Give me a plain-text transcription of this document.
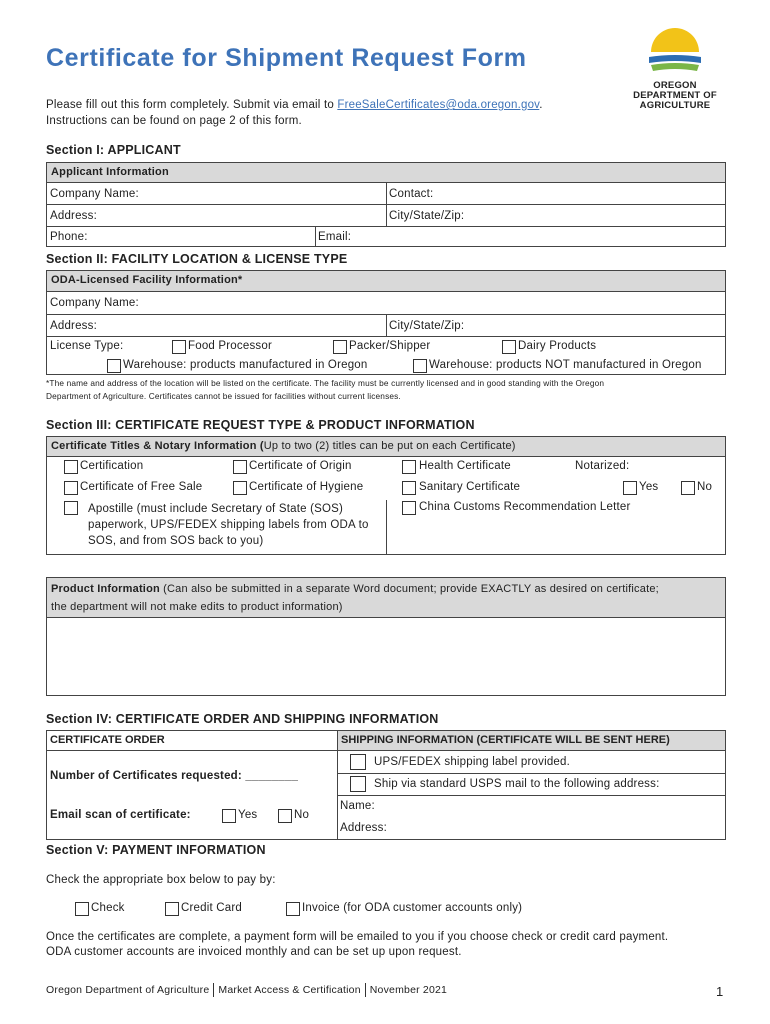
Certificate for Shipment Request Form
Please fill out this form completely. Submit via email to FreeSaleCertificates@oda.oregon.gov.
Instructions can be found on page 2 of this form.
OREGON
DEPARTMENT OF
AGRICULTURE
Section I: APPLICANT
Applicant Information
Company Name:	Contact:
Address:	City/State/Zip:
Phone:	Email:
Section II: FACILITY LOCATION & LICENSE TYPE
ODA-Licensed Facility Information*
Company Name:
Address:	City/State/Zip:
License Type:	Food Processor	Packer/Shipper	Dairy Products
Warehouse: products manufactured in Oregon	Warehouse: products NOT manufactured in Oregon
*The name and address of the location will be listed on the certificate. The facility must be currently licensed and in good standing with the Oregon
Department of Agriculture. Certificates cannot be issued for facilities without current licenses.
Section III: CERTIFICATE REQUEST TYPE & PRODUCT INFORMATION
Certificate Titles & Notary Information (Up to two (2) titles can be put on each Certificate)
Certification	Certificate of Origin	Health Certificate	Notarized:
Certificate of Free Sale	Certificate of Hygiene	Sanitary Certificate	Yes	No
Apostille (must include Secretary of State (SOS)
paperwork, UPS/FEDEX shipping labels from ODA to
SOS, and from SOS back to you)
China Customs Recommendation Letter
Product Information (Can also be submitted in a separate Word document; provide EXACTLY as desired on certificate;
the department will not make edits to product information)
Section IV: CERTIFICATE ORDER AND SHIPPING INFORMATION
CERTIFICATE ORDER	SHIPPING INFORMATION (CERTIFICATE WILL BE SENT HERE)
Number of Certificates requested: ________
Email scan of certificate:	Yes	No
UPS/FEDEX shipping label provided.
Ship via standard USPS mail to the following address:
Name:
Address:
Section V: PAYMENT INFORMATION
Check the appropriate box below to pay by:
Check	Credit Card	Invoice (for ODA customer accounts only)
Once the certificates are complete, a payment form will be emailed to you if you choose check or credit card payment.
ODA customer accounts are invoiced monthly and can be set up upon request.
Oregon Department of Agriculture Market Access & Certification November 2021	1
